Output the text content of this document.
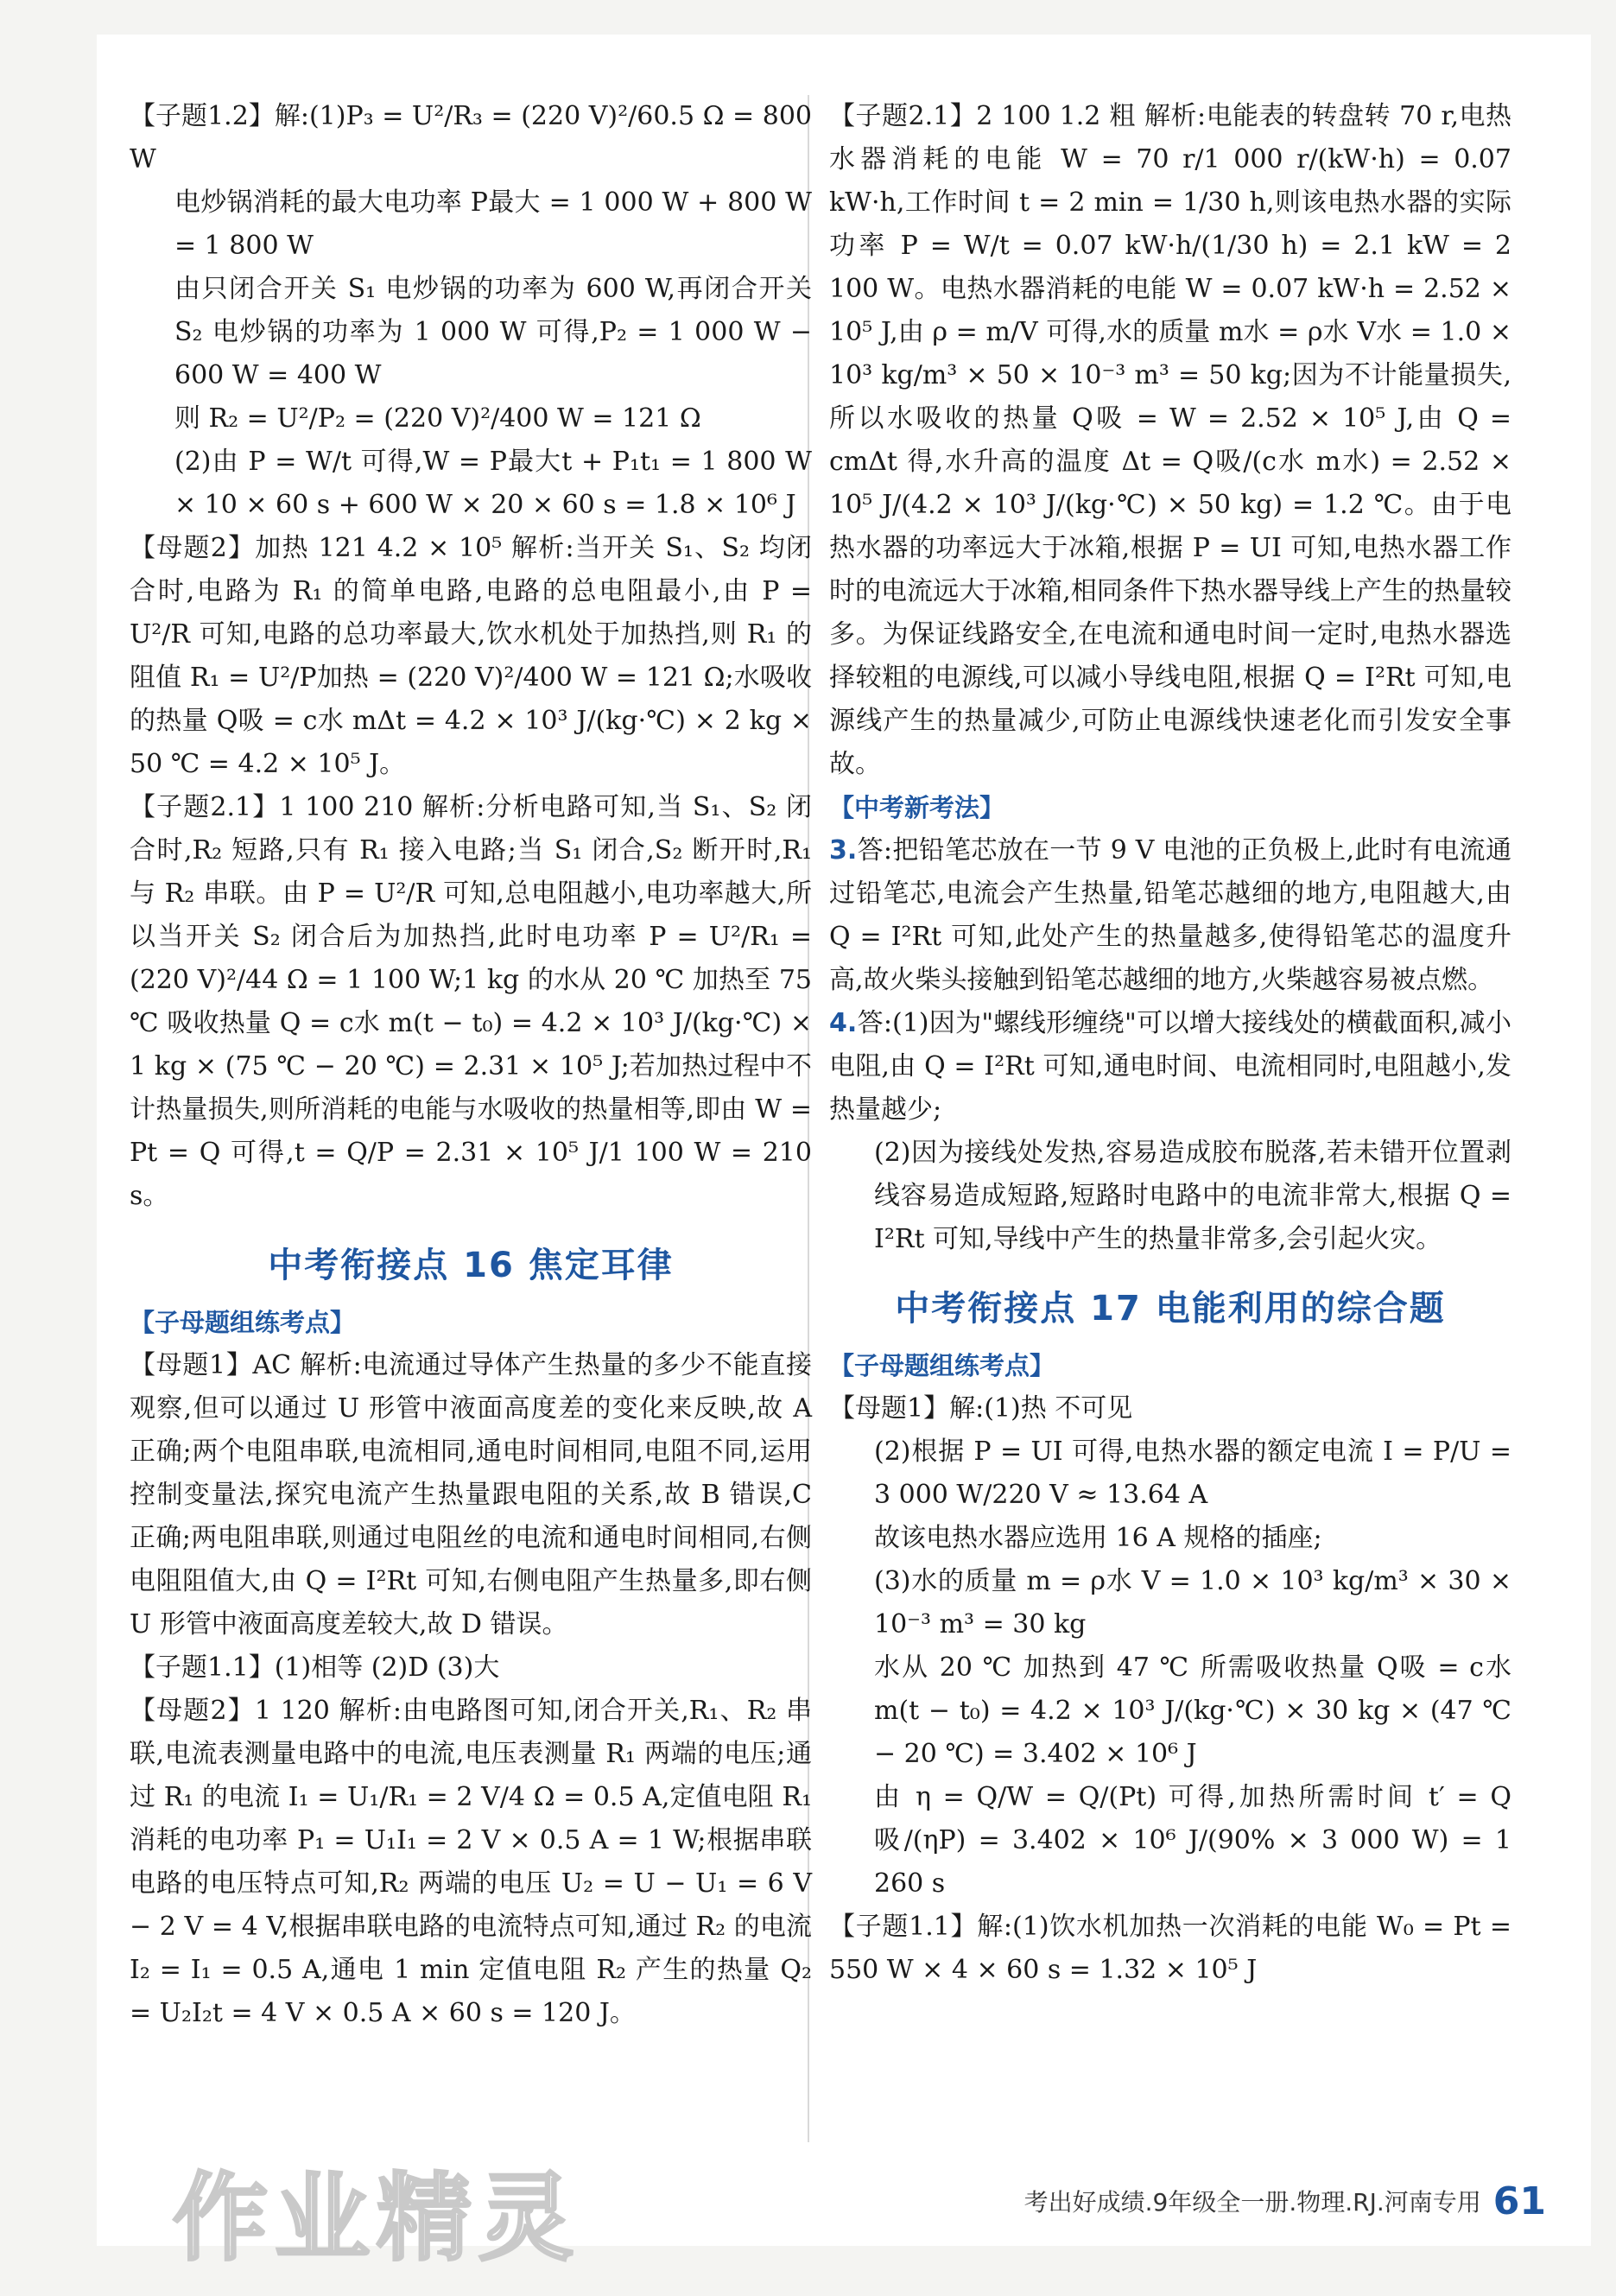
【子题1.2】解:(1)P₃ = U²/R₃ = (220 V)²/60.5 Ω = 800 W

电炒锅消耗的最大电功率 P最大 = 1 000 W + 800 W = 1 800 W

由只闭合开关 S₁ 电炒锅的功率为 600 W,再闭合开关 S₂ 电炒锅的功率为 1 000 W 可得,P₂ = 1 000 W − 600 W = 400 W

则 R₂ = U²/P₂ = (220 V)²/400 W = 121 Ω

(2)由 P = W/t 可得,W = P最大t + P₁t₁ = 1 800 W × 10 × 60 s + 600 W × 20 × 60 s = 1.8 × 10⁶ J

【母题2】加热 121 4.2 × 10⁵ 解析:当开关 S₁、S₂ 均闭合时,电路为 R₁ 的简单电路,电路的总电阻最小,由 P = U²/R 可知,电路的总功率最大,饮水机处于加热挡,则 R₁ 的阻值 R₁ = U²/P加热 = (220 V)²/400 W = 121 Ω;水吸收的热量 Q吸 = c水 mΔt = 4.2 × 10³ J/(kg·℃) × 2 kg × 50 ℃ = 4.2 × 10⁵ J。

【子题2.1】1 100 210 解析:分析电路可知,当 S₁、S₂ 闭合时,R₂ 短路,只有 R₁ 接入电路;当 S₁ 闭合,S₂ 断开时,R₁ 与 R₂ 串联。由 P = U²/R 可知,总电阻越小,电功率越大,所以当开关 S₂ 闭合后为加热挡,此时电功率 P = U²/R₁ = (220 V)²/44 Ω = 1 100 W;1 kg 的水从 20 ℃ 加热至 75 ℃ 吸收热量 Q = c水 m(t − t₀) = 4.2 × 10³ J/(kg·℃) × 1 kg × (75 ℃ − 20 ℃) = 2.31 × 10⁵ J;若加热过程中不计热量损失,则所消耗的电能与水吸收的热量相等,即由 W = Pt = Q 可得,t = Q/P = 2.31 × 10⁵ J/1 100 W = 210 s。

中考衔接点 16 焦定耳律

【子母题组练考点】

【母题1】AC 解析:电流通过导体产生热量的多少不能直接观察,但可以通过 U 形管中液面高度差的变化来反映,故 A 正确;两个电阻串联,电流相同,通电时间相同,电阻不同,运用控制变量法,探究电流产生热量跟电阻的关系,故 B 错误,C 正确;两电阻串联,则通过电阻丝的电流和通电时间相同,右侧电阻阻值大,由 Q = I²Rt 可知,右侧电阻产生热量多,即右侧 U 形管中液面高度差较大,故 D 错误。

【子题1.1】(1)相等 (2)D (3)大

【母题2】1 120 解析:由电路图可知,闭合开关,R₁、R₂ 串联,电流表测量电路中的电流,电压表测量 R₁ 两端的电压;通过 R₁ 的电流 I₁ = U₁/R₁ = 2 V/4 Ω = 0.5 A,定值电阻 R₁ 消耗的电功率 P₁ = U₁I₁ = 2 V × 0.5 A = 1 W;根据串联电路的电压特点可知,R₂ 两端的电压 U₂ = U − U₁ = 6 V − 2 V = 4 V,根据串联电路的电流特点可知,通过 R₂ 的电流 I₂ = I₁ = 0.5 A,通电 1 min 定值电阻 R₂ 产生的热量 Q₂ = U₂I₂t = 4 V × 0.5 A × 60 s = 120 J。

【子题2.1】2 100 1.2 粗 解析:电能表的转盘转 70 r,电热水器消耗的电能 W = 70 r/1 000 r/(kW·h) = 0.07 kW·h,工作时间 t = 2 min = 1/30 h,则该电热水器的实际功率 P = W/t = 0.07 kW·h/(1/30 h) = 2.1 kW = 2 100 W。电热水器消耗的电能 W = 0.07 kW·h = 2.52 × 10⁵ J,由 ρ = m/V 可得,水的质量 m水 = ρ水 V水 = 1.0 × 10³ kg/m³ × 50 × 10⁻³ m³ = 50 kg;因为不计能量损失,所以水吸收的热量 Q吸 = W = 2.52 × 10⁵ J,由 Q = cmΔt 得,水升高的温度 Δt = Q吸/(c水 m水) = 2.52 × 10⁵ J/(4.2 × 10³ J/(kg·℃) × 50 kg) = 1.2 ℃。由于电热水器的功率远大于冰箱,根据 P = UI 可知,电热水器工作时的电流远大于冰箱,相同条件下热水器导线上产生的热量较多。为保证线路安全,在电流和通电时间一定时,电热水器选择较粗的电源线,可以减小导线电阻,根据 Q = I²Rt 可知,电源线产生的热量减少,可防止电源线快速老化而引发安全事故。

【中考新考法】

3.答:把铅笔芯放在一节 9 V 电池的正负极上,此时有电流通过铅笔芯,电流会产生热量,铅笔芯越细的地方,电阻越大,由 Q = I²Rt 可知,此处产生的热量越多,使得铅笔芯的温度升高,故火柴头接触到铅笔芯越细的地方,火柴越容易被点燃。

4.答:(1)因为"螺线形缠绕"可以增大接线处的横截面积,减小电阻,由 Q = I²Rt 可知,通电时间、电流相同时,电阻越小,发热量越少;

(2)因为接线处发热,容易造成胶布脱落,若未错开位置剥线容易造成短路,短路时电路中的电流非常大,根据 Q = I²Rt 可知,导线中产生的热量非常多,会引起火灾。

中考衔接点 17 电能利用的综合题

【子母题组练考点】

【母题1】解:(1)热 不可见

(2)根据 P = UI 可得,电热水器的额定电流 I = P/U = 3 000 W/220 V ≈ 13.64 A

故该电热水器应选用 16 A 规格的插座;

(3)水的质量 m = ρ水 V = 1.0 × 10³ kg/m³ × 30 × 10⁻³ m³ = 30 kg

水从 20 ℃ 加热到 47 ℃ 所需吸收热量 Q吸 = c水 m(t − t₀) = 4.2 × 10³ J/(kg·℃) × 30 kg × (47 ℃ − 20 ℃) = 3.402 × 10⁶ J

由 η = Q/W = Q/(Pt) 可得,加热所需时间 t′ = Q吸/(ηP) = 3.402 × 10⁶ J/(90% × 3 000 W) = 1 260 s

【子题1.1】解:(1)饮水机加热一次消耗的电能 W₀ = Pt = 550 W × 4 × 60 s = 1.32 × 10⁵ J

作业精灵	考出好成绩.9年级全一册.物理.RJ.河南专用 61
